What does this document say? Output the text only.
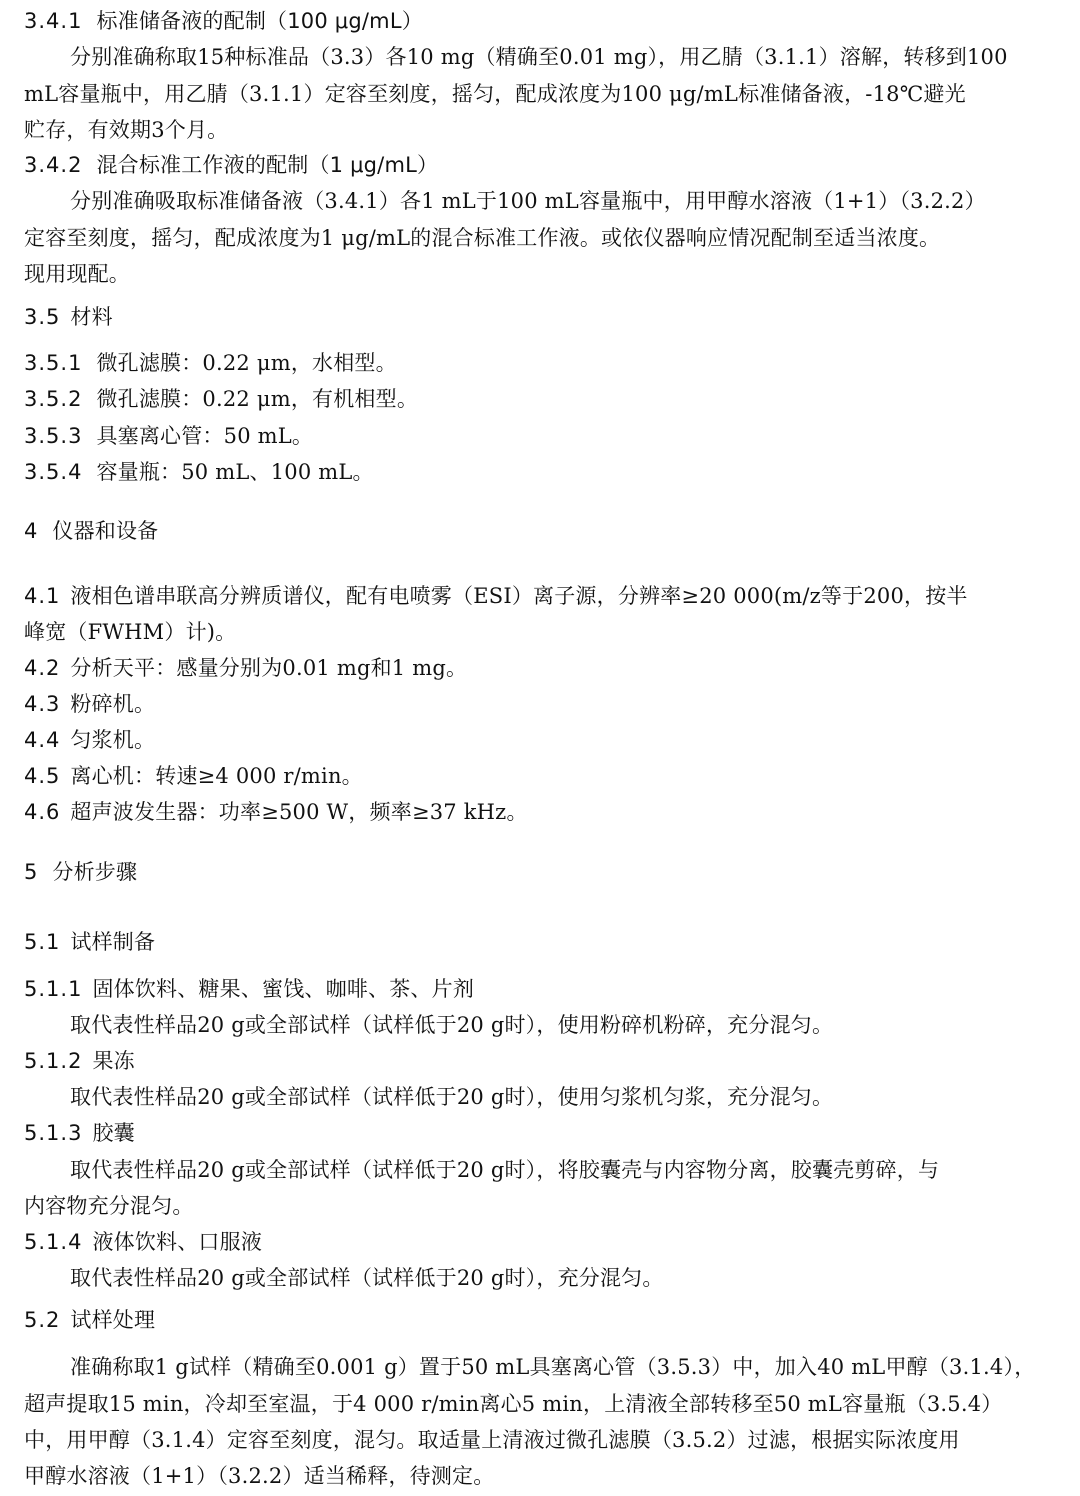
3.4.1 标准储备液的配制（100 μg/mL）
分别准确称取15种标准品（3.3）各10 mg（精确至0.01 mg），用乙腈（3.1.1）溶解，转移到100
mL容量瓶中，用乙腈（3.1.1）定容至刻度，摇匀，配成浓度为100 μg/mL标准储备液，-18℃避光
贮存，有效期3个月。
3.4.2 混合标准工作液的配制（1 μg/mL）
分别准确吸取标准储备液（3.4.1）各1 mL于100 mL容量瓶中，用甲醇水溶液（1+1）（3.2.2）
定容至刻度，摇匀，配成浓度为1 μg/mL的混合标准工作液。或依仪器响应情况配制至适当浓度。
现用现配。
3.5 材料
3.5.1 微孔滤膜：0.22 μm，水相型。
3.5.2 微孔滤膜：0.22 μm，有机相型。
3.5.3 具塞离心管：50 mL。
3.5.4 容量瓶：50 mL、100 mL。
4 仪器和设备
4.1 液相色谱串联高分辨质谱仪，配有电喷雾（ESI）离子源，分辨率≥20 000(m/z等于200，按半
峰宽（FWHM）计)。
4.2 分析天平：感量分别为0.01 mg和1 mg。
4.3 粉碎机。
4.4 匀浆机。
4.5 离心机：转速≥4 000 r/min。
4.6 超声波发生器：功率≥500 W，频率≥37 kHz。
5 分析步骤
5.1 试样制备
5.1.1 固体饮料、糖果、蜜饯、咖啡、茶、片剂
取代表性样品20 g或全部试样（试样低于20 g时），使用粉碎机粉碎，充分混匀。
5.1.2 果冻
取代表性样品20 g或全部试样（试样低于20 g时），使用匀浆机匀浆，充分混匀。
5.1.3 胶囊
取代表性样品20 g或全部试样（试样低于20 g时），将胶囊壳与内容物分离，胶囊壳剪碎，与
内容物充分混匀。
5.1.4 液体饮料、口服液
取代表性样品20 g或全部试样（试样低于20 g时），充分混匀。
5.2 试样处理
准确称取1 g试样（精确至0.001 g）置于50 mL具塞离心管（3.5.3）中，加入40 mL甲醇（3.1.4），
超声提取15 min，冷却至室温，于4 000 r/min离心5 min，上清液全部转移至50 mL容量瓶（3.5.4）
中，用甲醇（3.1.4）定容至刻度，混匀。取适量上清液过微孔滤膜（3.5.2）过滤，根据实际浓度用
甲醇水溶液（1+1）（3.2.2）适当稀释，待测定。
